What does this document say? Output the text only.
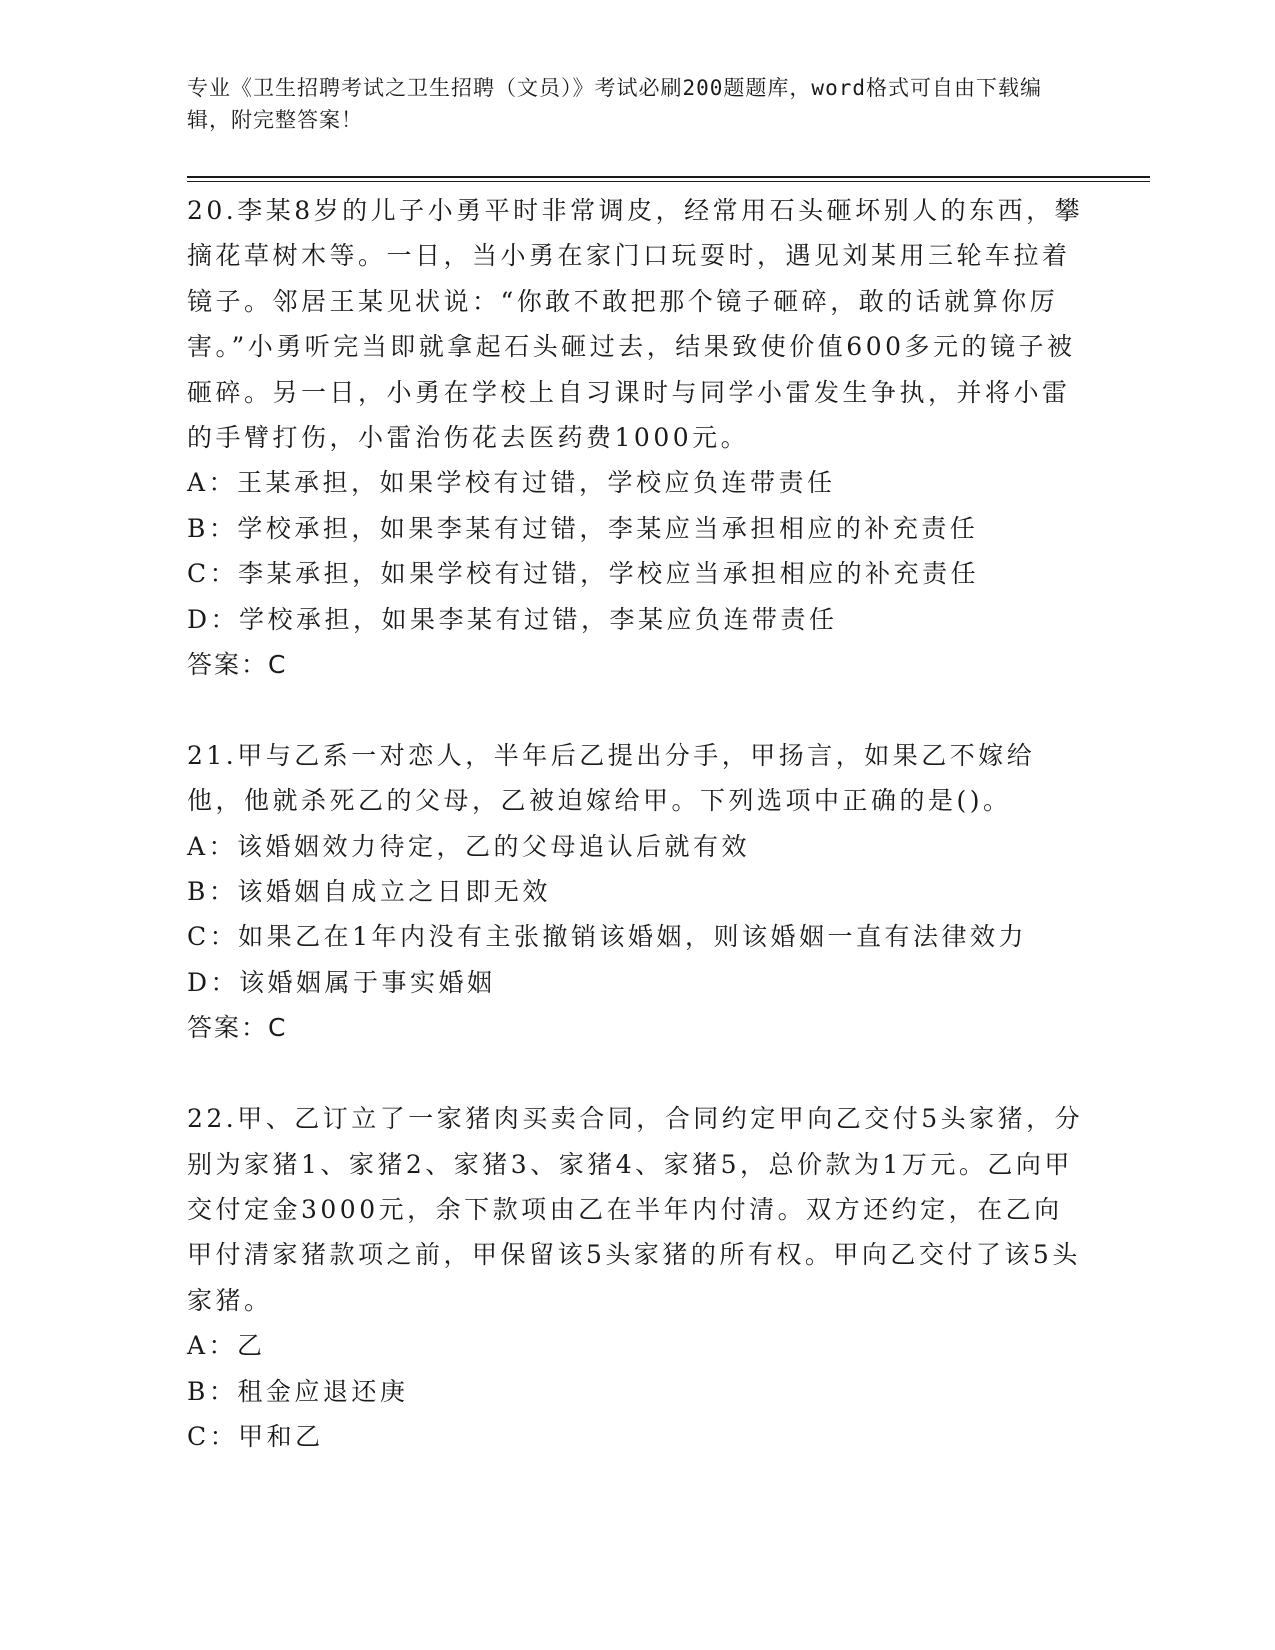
专业《卫生招聘考试之卫生招聘（文员）》考试必刷200题题库，word格式可自由下载编辑，附完整答案！

20.李某8岁的儿子小勇平时非常调皮，经常用石头砸坏别人的东西，攀摘花草树木等。一日，当小勇在家门口玩耍时，遇见刘某用三轮车拉着镜子。邻居王某见状说：“你敢不敢把那个镜子砸碎，敢的话就算你厉害。”小勇听完当即就拿起石头砸过去，结果致使价值600多元的镜子被砸碎。另一日，小勇在学校上自习课时与同学小雷发生争执，并将小雷的手臂打伤，小雷治伤花去医药费1000元。

A：王某承担，如果学校有过错，学校应负连带责任

B：学校承担，如果李某有过错，李某应当承担相应的补充责任

C：李某承担，如果学校有过错，学校应当承担相应的补充责任

D：学校承担，如果李某有过错，李某应负连带责任

答案：C

21.甲与乙系一对恋人，半年后乙提出分手，甲扬言，如果乙不嫁给他，他就杀死乙的父母，乙被迫嫁给甲。下列选项中正确的是()。

A：该婚姻效力待定，乙的父母追认后就有效

B：该婚姻自成立之日即无效

C：如果乙在1年内没有主张撤销该婚姻，则该婚姻一直有法律效力

D：该婚姻属于事实婚姻

答案：C

22.甲、乙订立了一家猪肉买卖合同，合同约定甲向乙交付5头家猪，分别为家猪1、家猪2、家猪3、家猪4、家猪5，总价款为1万元。乙向甲交付定金3000元，余下款项由乙在半年内付清。双方还约定，在乙向甲付清家猪款项之前，甲保留该5头家猪的所有权。甲向乙交付了该5头家猪。

A：乙

B：租金应退还庚

C：甲和乙
